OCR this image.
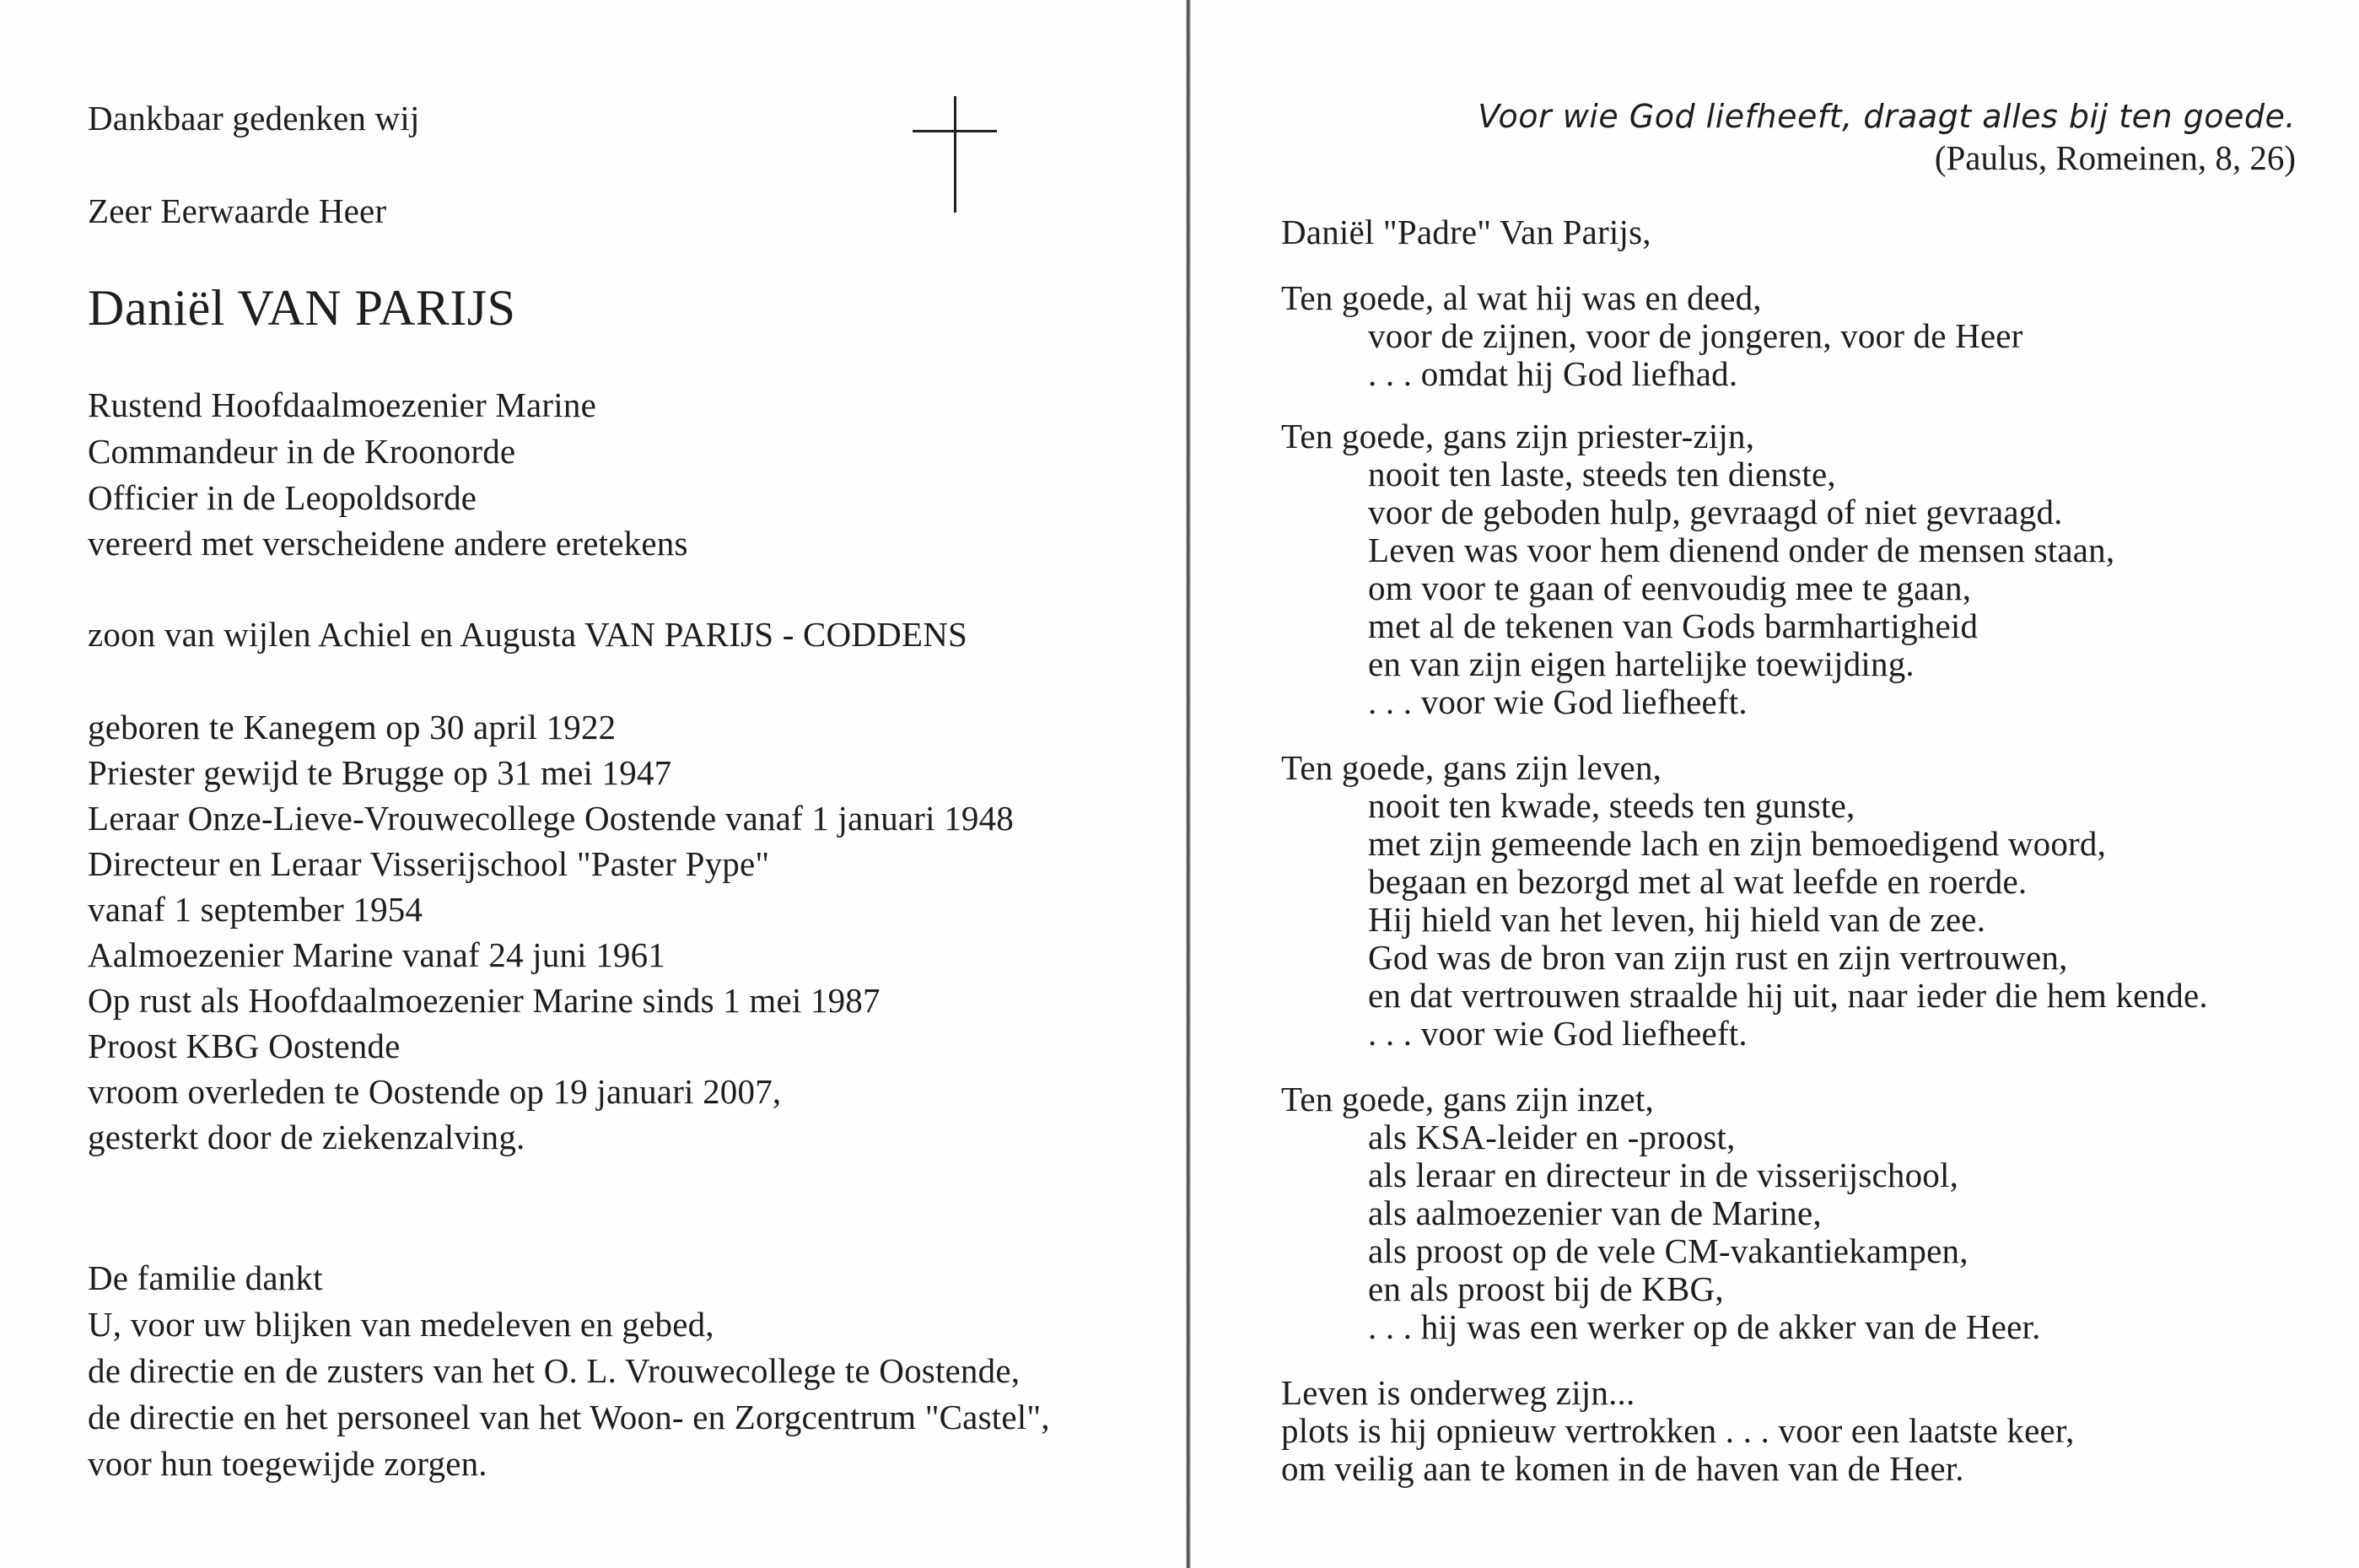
Dankbaar gedenken wij
Zeer Eerwaarde Heer
Daniël VAN PARIJS
Rustend Hoofdaalmoezenier Marine
Commandeur in de Kroonorde
Officier in de Leopoldsorde
vereerd met verscheidene andere eretekens
zoon van wijlen Achiel en Augusta VAN PARIJS - CODDENS
geboren te Kanegem op 30 april 1922
Priester gewijd te Brugge op 31 mei 1947
Leraar Onze-Lieve-Vrouwecollege Oostende vanaf 1 januari 1948
Directeur en Leraar Visserijschool "Paster Pype"
vanaf 1 september 1954
Aalmoezenier Marine vanaf 24 juni 1961
Op rust als Hoofdaalmoezenier Marine sinds 1 mei 1987
Proost KBG Oostende
vroom overleden te Oostende op 19 januari 2007,
gesterkt door de ziekenzalving.
De familie dankt
U, voor uw blijken van medeleven en gebed,
de directie en de zusters van het O. L. Vrouwecollege te Oostende,
de directie en het personeel van het Woon- en Zorgcentrum "Castel",
voor hun toegewijde zorgen.
Voor wie God liefheeft, draagt alles bij ten goede.
(Paulus, Romeinen, 8, 26)
Daniël "Padre" Van Parijs,
Ten goede, al wat hij was en deed,
voor de zijnen, voor de jongeren, voor de Heer
. . . omdat hij God liefhad.
Ten goede, gans zijn priester-zijn,
nooit ten laste, steeds ten dienste,
voor de geboden hulp, gevraagd of niet gevraagd.
Leven was voor hem dienend onder de mensen staan,
om voor te gaan of eenvoudig mee te gaan,
met al de tekenen van Gods barmhartigheid
en van zijn eigen hartelijke toewijding.
. . . voor wie God liefheeft.
Ten goede, gans zijn leven,
nooit ten kwade, steeds ten gunste,
met zijn gemeende lach en zijn bemoedigend woord,
begaan en bezorgd met al wat leefde en roerde.
Hij hield van het leven, hij hield van de zee.
God was de bron van zijn rust en zijn vertrouwen,
en dat vertrouwen straalde hij uit, naar ieder die hem kende.
. . . voor wie God liefheeft.
Ten goede, gans zijn inzet,
als KSA-leider en -proost,
als leraar en directeur in de visserijschool,
als aalmoezenier van de Marine,
als proost op de vele CM-vakantiekampen,
en als proost bij de KBG,
. . . hij was een werker op de akker van de Heer.
Leven is onderweg zijn...
plots is hij opnieuw vertrokken . . . voor een laatste keer,
om veilig aan te komen in de haven van de Heer.
